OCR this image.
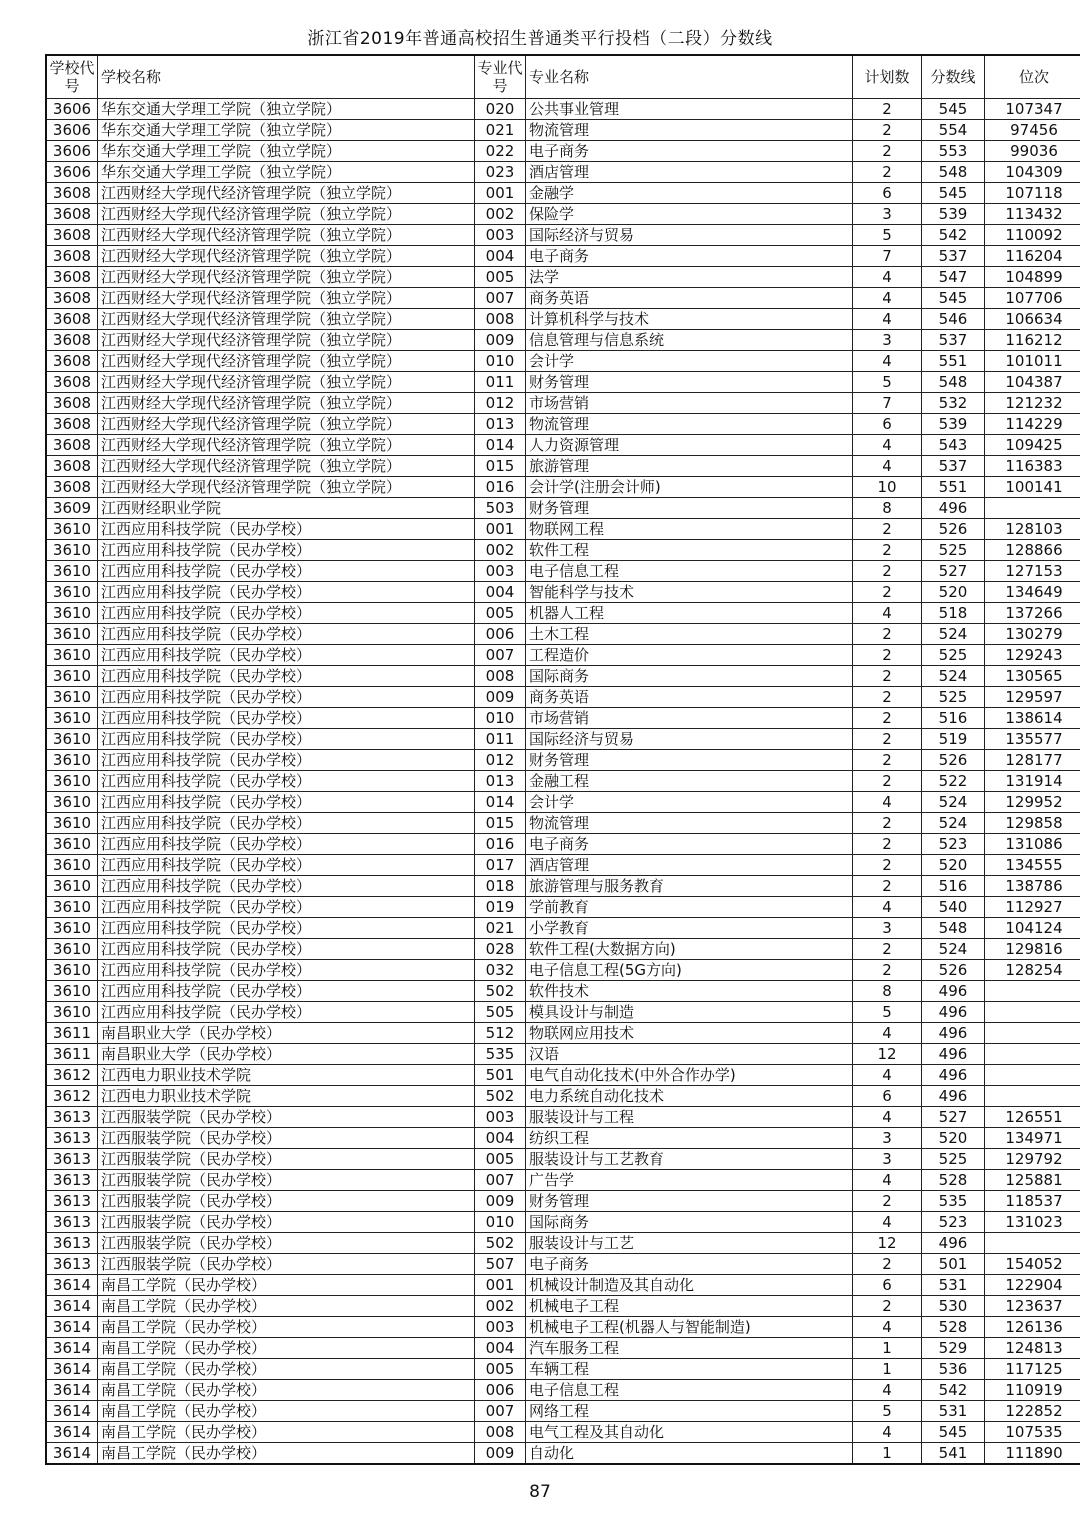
浙江省2019年普通高校招生普通类平行投档（二段）分数线
学校代号	学校名称	专业代号	专业名称	计划数	分数线	位次
3606	华东交通大学理工学院（独立学院）	020	公共事业管理	2	545	107347
3606	华东交通大学理工学院（独立学院）	021	物流管理	2	554	97456
3606	华东交通大学理工学院（独立学院）	022	电子商务	2	553	99036
3606	华东交通大学理工学院（独立学院）	023	酒店管理	2	548	104309
3608	江西财经大学现代经济管理学院（独立学院）	001	金融学	6	545	107118
3608	江西财经大学现代经济管理学院（独立学院）	002	保险学	3	539	113432
3608	江西财经大学现代经济管理学院（独立学院）	003	国际经济与贸易	5	542	110092
3608	江西财经大学现代经济管理学院（独立学院）	004	电子商务	7	537	116204
3608	江西财经大学现代经济管理学院（独立学院）	005	法学	4	547	104899
3608	江西财经大学现代经济管理学院（独立学院）	007	商务英语	4	545	107706
3608	江西财经大学现代经济管理学院（独立学院）	008	计算机科学与技术	4	546	106634
3608	江西财经大学现代经济管理学院（独立学院）	009	信息管理与信息系统	3	537	116212
3608	江西财经大学现代经济管理学院（独立学院）	010	会计学	4	551	101011
3608	江西财经大学现代经济管理学院（独立学院）	011	财务管理	5	548	104387
3608	江西财经大学现代经济管理学院（独立学院）	012	市场营销	7	532	121232
3608	江西财经大学现代经济管理学院（独立学院）	013	物流管理	6	539	114229
3608	江西财经大学现代经济管理学院（独立学院）	014	人力资源管理	4	543	109425
3608	江西财经大学现代经济管理学院（独立学院）	015	旅游管理	4	537	116383
3608	江西财经大学现代经济管理学院（独立学院）	016	会计学(注册会计师)	10	551	100141
3609	江西财经职业学院	503	财务管理	8	496	
3610	江西应用科技学院（民办学校）	001	物联网工程	2	526	128103
3610	江西应用科技学院（民办学校）	002	软件工程	2	525	128866
3610	江西应用科技学院（民办学校）	003	电子信息工程	2	527	127153
3610	江西应用科技学院（民办学校）	004	智能科学与技术	2	520	134649
3610	江西应用科技学院（民办学校）	005	机器人工程	4	518	137266
3610	江西应用科技学院（民办学校）	006	土木工程	2	524	130279
3610	江西应用科技学院（民办学校）	007	工程造价	2	525	129243
3610	江西应用科技学院（民办学校）	008	国际商务	2	524	130565
3610	江西应用科技学院（民办学校）	009	商务英语	2	525	129597
3610	江西应用科技学院（民办学校）	010	市场营销	2	516	138614
3610	江西应用科技学院（民办学校）	011	国际经济与贸易	2	519	135577
3610	江西应用科技学院（民办学校）	012	财务管理	2	526	128177
3610	江西应用科技学院（民办学校）	013	金融工程	2	522	131914
3610	江西应用科技学院（民办学校）	014	会计学	4	524	129952
3610	江西应用科技学院（民办学校）	015	物流管理	2	524	129858
3610	江西应用科技学院（民办学校）	016	电子商务	2	523	131086
3610	江西应用科技学院（民办学校）	017	酒店管理	2	520	134555
3610	江西应用科技学院（民办学校）	018	旅游管理与服务教育	2	516	138786
3610	江西应用科技学院（民办学校）	019	学前教育	4	540	112927
3610	江西应用科技学院（民办学校）	021	小学教育	3	548	104124
3610	江西应用科技学院（民办学校）	028	软件工程(大数据方向)	2	524	129816
3610	江西应用科技学院（民办学校）	032	电子信息工程(5G方向)	2	526	128254
3610	江西应用科技学院（民办学校）	502	软件技术	8	496	
3610	江西应用科技学院（民办学校）	505	模具设计与制造	5	496	
3611	南昌职业大学（民办学校）	512	物联网应用技术	4	496	
3611	南昌职业大学（民办学校）	535	汉语	12	496	
3612	江西电力职业技术学院	501	电气自动化技术(中外合作办学)	4	496	
3612	江西电力职业技术学院	502	电力系统自动化技术	6	496	
3613	江西服装学院（民办学校）	003	服装设计与工程	4	527	126551
3613	江西服装学院（民办学校）	004	纺织工程	3	520	134971
3613	江西服装学院（民办学校）	005	服装设计与工艺教育	3	525	129792
3613	江西服装学院（民办学校）	007	广告学	4	528	125881
3613	江西服装学院（民办学校）	009	财务管理	2	535	118537
3613	江西服装学院（民办学校）	010	国际商务	4	523	131023
3613	江西服装学院（民办学校）	502	服装设计与工艺	12	496	
3613	江西服装学院（民办学校）	507	电子商务	2	501	154052
3614	南昌工学院（民办学校）	001	机械设计制造及其自动化	6	531	122904
3614	南昌工学院（民办学校）	002	机械电子工程	2	530	123637
3614	南昌工学院（民办学校）	003	机械电子工程(机器人与智能制造)	4	528	126136
3614	南昌工学院（民办学校）	004	汽车服务工程	1	529	124813
3614	南昌工学院（民办学校）	005	车辆工程	1	536	117125
3614	南昌工学院（民办学校）	006	电子信息工程	4	542	110919
3614	南昌工学院（民办学校）	007	网络工程	5	531	122852
3614	南昌工学院（民办学校）	008	电气工程及其自动化	4	545	107535
3614	南昌工学院（民办学校）	009	自动化	1	541	111890
87
